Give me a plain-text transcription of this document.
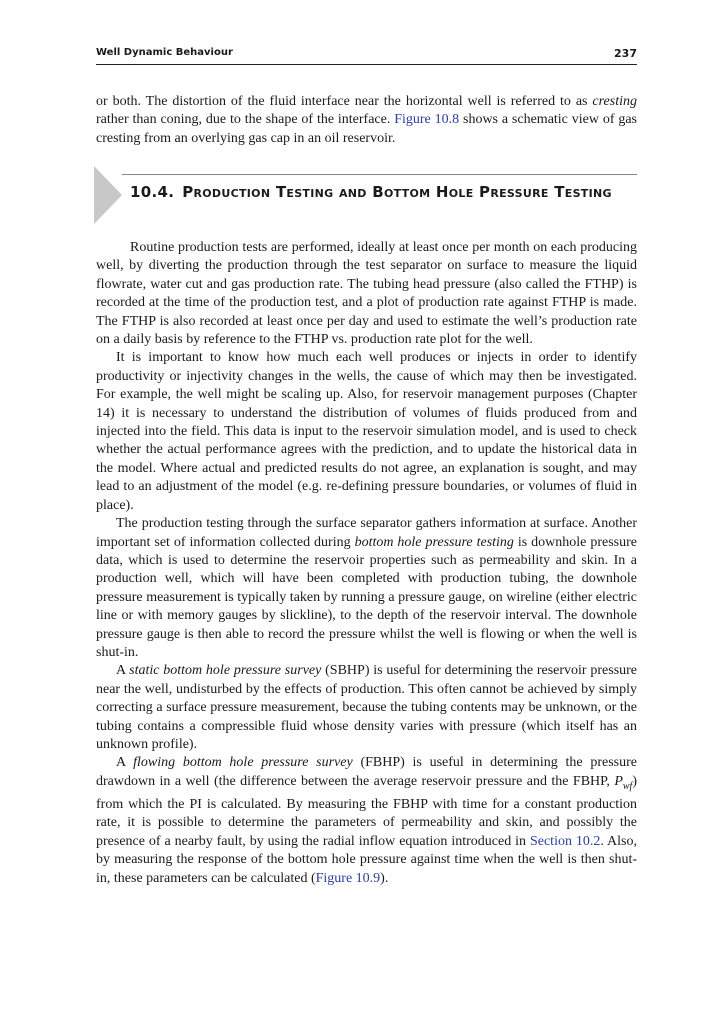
Well Dynamic Behaviour	237
or both. The distortion of the fluid interface near the horizontal well is referred to as cresting rather than coning, due to the shape of the interface. Figure 10.8 shows a schematic view of gas cresting from an overlying gas cap in an oil reservoir.
10.4. Production Testing and Bottom Hole Pressure Testing

Routine production tests are performed, ideally at least once per month on each producing well, by diverting the production through the test separator on surface to measure the liquid flowrate, water cut and gas production rate. The tubing head pressure (also called the FTHP) is recorded at the time of the production test, and a plot of production rate against FTHP is made. The FTHP is also recorded at least once per day and used to estimate the well’s production rate on a daily basis by reference to the FTHP vs. production rate plot for the well.

It is important to know how much each well produces or injects in order to identify productivity or injectivity changes in the wells, the cause of which may then be investigated. For example, the well might be scaling up. Also, for reservoir management purposes (Chapter 14) it is necessary to understand the distribution of volumes of fluids produced from and injected into the field. This data is input to the reservoir simulation model, and is used to check whether the actual performance agrees with the prediction, and to update the historical data in the model. Where actual and predicted results do not agree, an explanation is sought, and may lead to an adjustment of the model (e.g. re-defining pressure boundaries, or volumes of fluid in place).

The production testing through the surface separator gathers information at surface. Another important set of information collected during bottom hole pressure testing is downhole pressure data, which is used to determine the reservoir properties such as permeability and skin. In a production well, which will have been completed with production tubing, the downhole pressure measurement is typically taken by running a pressure gauge, on wireline (either electric line or with memory gauges by slickline), to the depth of the reservoir interval. The downhole pressure gauge is then able to record the pressure whilst the well is flowing or when the well is shut-in.

A static bottom hole pressure survey (SBHP) is useful for determining the reservoir pressure near the well, undisturbed by the effects of production. This often cannot be achieved by simply correcting a surface pressure measurement, because the tubing contents may be unknown, or the tubing contains a compressible fluid whose density varies with pressure (which itself has an unknown profile).

A flowing bottom hole pressure survey (FBHP) is useful in determining the pressure drawdown in a well (the difference between the average reservoir pressure and the FBHP, $P_{wf}$) from which the PI is calculated. By measuring the FBHP with time for a constant production rate, it is possible to determine the parameters of permeability and skin, and possibly the presence of a nearby fault, by using the radial inflow equation introduced in Section 10.2. Also, by measuring the response of the bottom hole pressure against time when the well is then shut-in, these parameters can be calculated (Figure 10.9).
